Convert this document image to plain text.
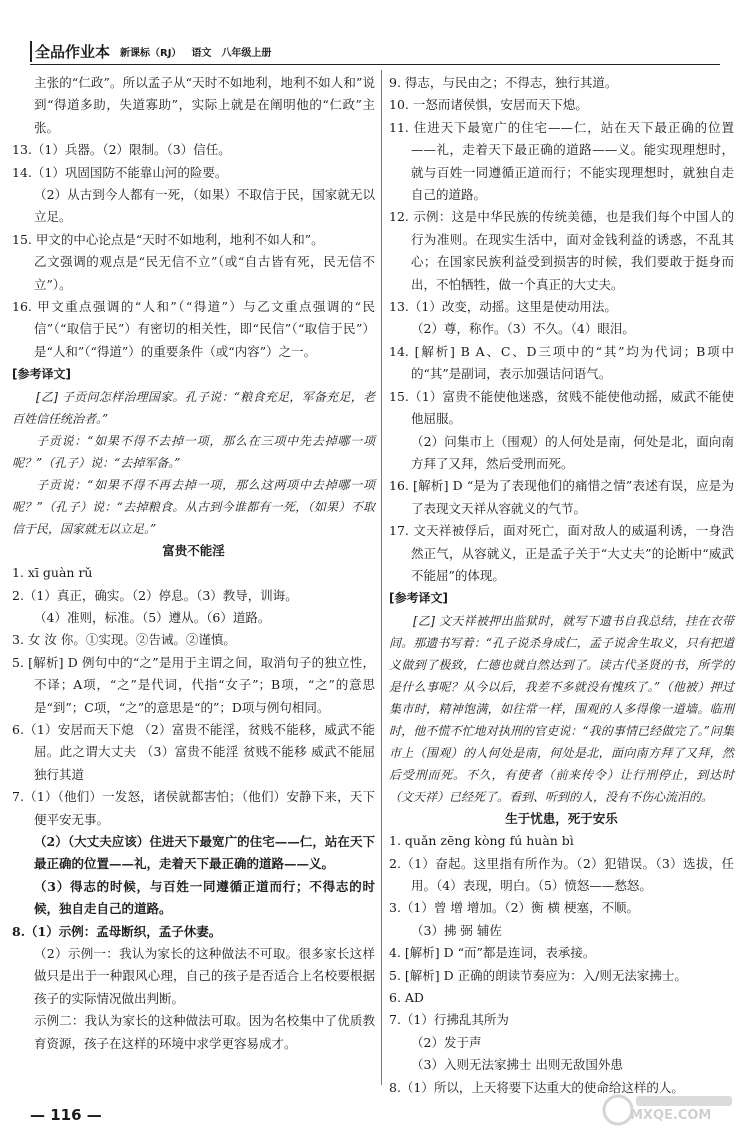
全品作业本 新课标（RJ） 语文 八年级上册

主张的“仁政”。所以孟子从“天时不如地利，地利不如人和”说到“得道多助，失道寡助”，实际上就是在阐明他的“仁政”主张。

13.（1）兵器。（2）限制。（3）信任。

14.（1）巩固国防不能靠山河的险要。

（2）从古到今人都有一死，（如果）不取信于民，国家就无以立足。

15. 甲文的中心论点是“天时不如地利，地利不如人和”。

乙文强调的观点是“民无信不立”（或“自古皆有死，民无信不立”）。

16. 甲文重点强调的“人和”（“得道”）与乙文重点强调的“民信”（“取信于民”）有密切的相关性，即“民信”（“取信于民”）是“人和”（“得道”）的重要条件（或“内容”）之一。

[参考译文]

[乙] 子贡问怎样治理国家。孔子说：“粮食充足，军备充足，老百姓信任统治者。”

子贡说：“如果不得不去掉一项，那么在三项中先去掉哪一项呢？”（孔子）说：“去掉军备。”

子贡说：“如果不得不再去掉一项，那么这两项中去掉哪一项呢？”（孔子）说：“去掉粮食。从古到今谁都有一死，（如果）不取信于民，国家就无以立足。”

富贵不能淫

1. xī guàn rǔ

2.（1）真正，确实。（2）停息。（3）教导，训诲。

（4）准则，标准。（5）遵从。（6）道路。

3. 女 汝 你。①实现。②告诫。②谨慎。

5. [解析] D 例句中的“之”是用于主谓之间，取消句子的独立性，不译；A项，“之”是代词，代指“女子”；B项，“之”的意思是“到”；C项，“之”的意思是“的”；D项与例句相同。

6.（1）安居而天下熄 （2）富贵不能淫，贫贱不能移，威武不能屈。此之谓大丈夫 （3）富贵不能淫 贫贱不能移 威武不能屈 独行其道

7.（1）（他们）一发怒，诸侯就都害怕；（他们）安静下来，天下便平安无事。

（2）（大丈夫应该）住进天下最宽广的住宅——仁，站在天下最正确的位置——礼，走着天下最正确的道路——义。

（3）得志的时候，与百姓一同遵循正道而行；不得志的时候，独自走自己的道路。

8.（1）示例：孟母断织，孟子休妻。

（2）示例一：我认为家长的这种做法不可取。很多家长这样做只是出于一种跟风心理，自己的孩子是否适合上名校要根据孩子的实际情况做出判断。

示例二：我认为家长的这种做法可取。因为名校集中了优质教育资源，孩子在这样的环境中求学更容易成才。

9. 得志，与民由之；不得志，独行其道。

10. 一怒而诸侯惧，安居而天下熄。

11. 住进天下最宽广的住宅——仁，站在天下最正确的位置——礼，走着天下最正确的道路——义。能实现理想时，就与百姓一同遵循正道而行；不能实现理想时，就独自走自己的道路。

12. 示例：这是中华民族的传统美德，也是我们每个中国人的行为准则。在现实生活中，面对金钱利益的诱惑，不乱其心；在国家民族利益受到损害的时候，我们要敢于挺身而出，不怕牺牲，做一个真正的大丈夫。

13.（1）改变，动摇。这里是使动用法。

（2）尊，称作。（3）不久。（4）眼泪。

14. [解析] B A、C、D三项中的“其”均为代词；B项中的“其”是副词，表示加强诘问语气。

15.（1）富贵不能使他迷惑，贫贱不能使他动摇，威武不能使他屈服。

（2）问集市上（围观）的人何处是南，何处是北，面向南方拜了又拜，然后受刑而死。

16. [解析] D “是为了表现他们的痛惜之情”表述有误，应是为了表现文天祥从容就义的气节。

17. 文天祥被俘后，面对死亡，面对敌人的威逼利诱，一身浩然正气，从容就义，正是孟子关于“大丈夫”的论断中“威武不能屈”的体现。

[参考译文]

[乙] 文天祥被押出监狱时，就写下遗书自我总结，挂在衣带间。那遗书写着：“孔子说杀身成仁，孟子说舍生取义，只有把道义做到了极致，仁德也就自然达到了。读古代圣贤的书，所学的是什么事呢？从今以后，我差不多就没有愧疚了。”（他被）押过集市时，精神饱满，如往常一样，围观的人多得像一道墙。临刑时，他不慌不忙地对执刑的官吏说：“我的事情已经做完了。”问集市上（围观）的人何处是南，何处是北，面向南方拜了又拜，然后受刑而死。不久，有使者（前来传令）让行刑停止，到达时（文天祥）已经死了。看到、听到的人，没有不伤心流泪的。

生于忧患，死于安乐

1. quǎn zēng kòng fú huàn bì

2.（1）奋起。这里指有所作为。（2）犯错误。（3）选拔，任用。（4）表现，明白。（5）愤怒——愁怒。

3.（1）曾 增 增加。（2）衡 横 梗塞，不顺。

（3）拂 弼 辅佐

4. [解析] D “而”都是连词，表承接。

5. [解析] D 正确的朗读节奏应为：入/则无法家拂士。

6. AD

7.（1）行拂乱其所为

（2）发于声

（3）入则无法家拂士 出则无敌国外患

8.（1）所以，上天将要下达重大的使命给这样的人。

— 116 —	MXQE.COM
